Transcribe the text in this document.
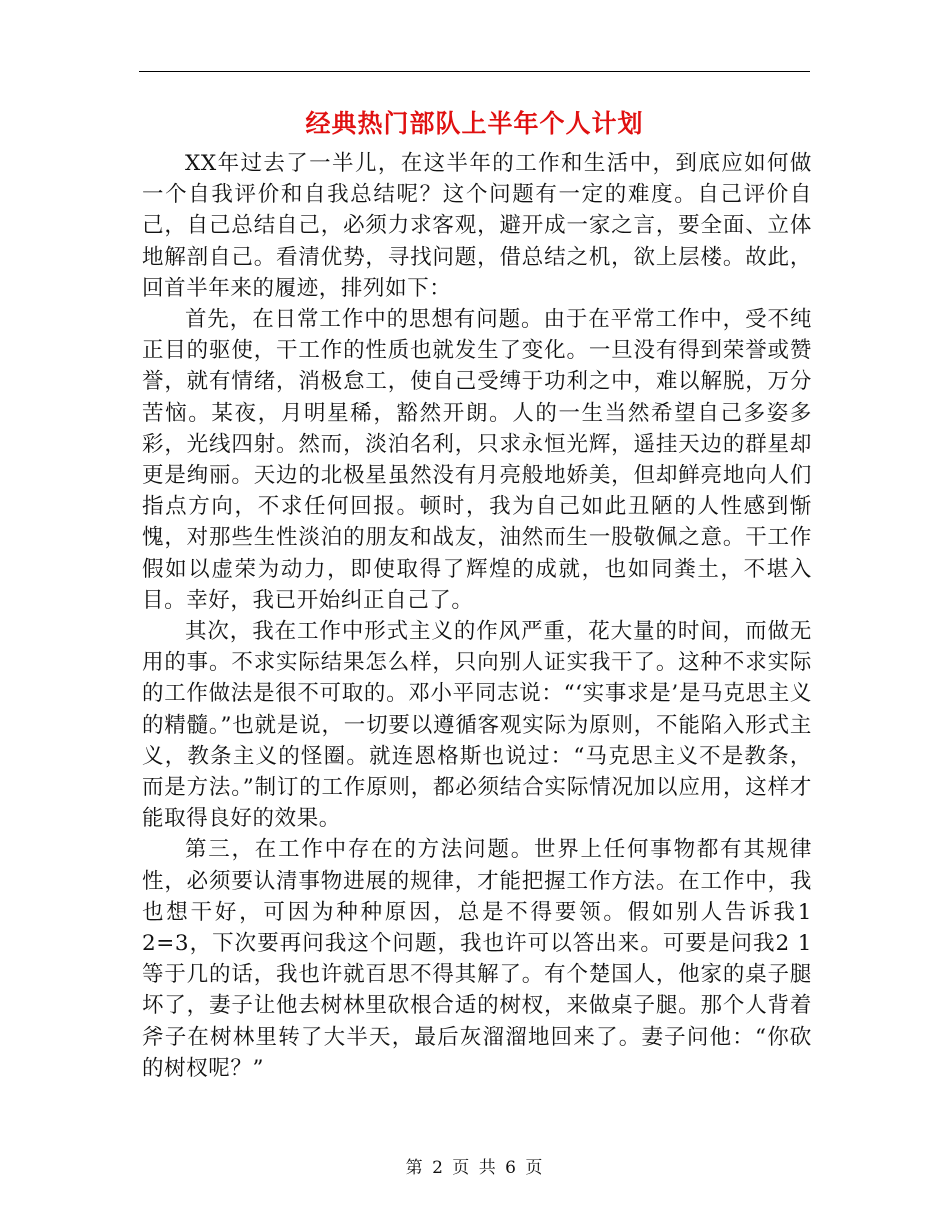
经典热门部队上半年个人计划

XX年过去了一半儿，在这半年的工作和生活中，到底应如何做一个自我评价和自我总结呢？这个问题有一定的难度。自己评价自己，自己总结自己，必须力求客观，避开成一家之言，要全面、立体地解剖自己。看清优势，寻找问题，借总结之机，欲上层楼。故此，回首半年来的履迹，排列如下：

首先，在日常工作中的思想有问题。由于在平常工作中，受不纯正目的驱使，干工作的性质也就发生了变化。一旦没有得到荣誉或赞誉，就有情绪，消极怠工，使自己受缚于功利之中，难以解脱，万分苦恼。某夜，月明星稀，豁然开朗。人的一生当然希望自己多姿多彩，光线四射。然而，淡泊名利，只求永恒光辉，遥挂天边的群星却更是绚丽。天边的北极星虽然没有月亮般地娇美，但却鲜亮地向人们指点方向，不求任何回报。顿时，我为自己如此丑陋的人性感到惭愧，对那些生性淡泊的朋友和战友，油然而生一股敬佩之意。干工作假如以虚荣为动力，即使取得了辉煌的成就，也如同粪土，不堪入目。幸好，我已开始纠正自己了。

其次，我在工作中形式主义的作风严重，花大量的时间，而做无用的事。不求实际结果怎么样，只向别人证实我干了。这种不求实际的工作做法是很不可取的。邓小平同志说：“‘实事求是’是马克思主义的精髓。”也就是说，一切要以遵循客观实际为原则，不能陷入形式主义，教条主义的怪圈。就连恩格斯也说过：“马克思主义不是教条，而是方法。”制订的工作原则，都必须结合实际情况加以应用，这样才能取得良好的效果。

第三，在工作中存在的方法问题。世界上任何事物都有其规律性，必须要认清事物进展的规律，才能把握工作方法。在工作中，我也想干好，可因为种种原因，总是不得要领。假如别人告诉我1 2=3，下次要再问我这个问题，我也许可以答出来。可要是问我2 1等于几的话，我也许就百思不得其解了。有个楚国人，他家的桌子腿坏了，妻子让他去树林里砍根合适的树杈，来做桌子腿。那个人背着斧子在树林里转了大半天，最后灰溜溜地回来了。妻子问他：“你砍的树杈呢？”

第 2 页 共 6 页
